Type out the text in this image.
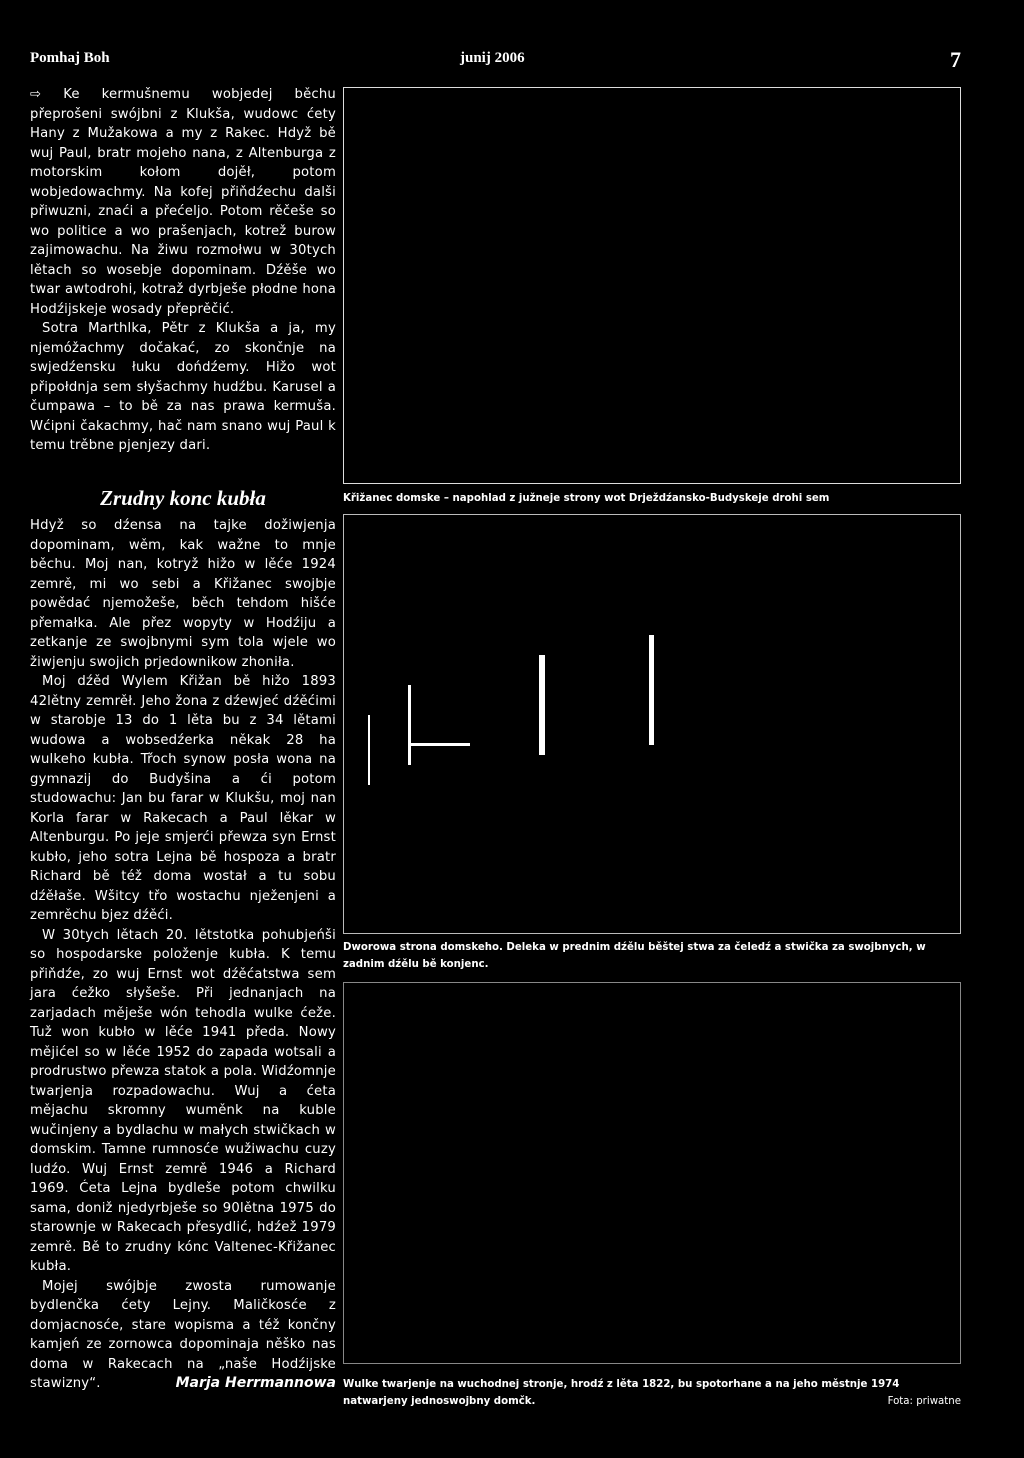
Pomhaj Boh	junij 2006	7

⇨ Ke kermušnemu wobjedej běchu přeprošeni swójbni z Klukša, wudowc ćety Hany z Mužakowa a my z Rakec. Hdyž bě wuj Paul, bratr mojeho nana, z Altenburga z motorskim kołom dojěł, potom wobjedowachmy. Na kofej přiňdźechu dalši přiwuzni, znaći a přećeljo. Potom rěčeše so wo politice a wo prašenjach, kotrež burow zajimowachu. Na žiwu rozmołwu w 30tych lětach so wosebje dopominam. Dźěše wo twar awtodrohi, kotraž dyrbješe płodne hona Hodźijskeje wosady přeprěčić.

Sotra Marthlka, Pětr z Klukša a ja, my njemóžachmy dočakać, zo skončnje na swjedźensku łuku dońdźemy. Hižo wot připołdnja sem słyšachmy hudźbu. Karusel a čumpawa – to bě za nas prawa kermuša. Wćipni čakachmy, hač nam snano wuj Paul k temu trěbne pjenjezy dari.

Zrudny konc kubła

Hdyž so dźensa na tajke dožiwjenja dopominam, wěm, kak wažne to mnje běchu. Moj nan, kotryž hižo w lěće 1924 zemrě, mi wo sebi a Křižanec swojbje powědać njemožeše, běch tehdom hišće přemałka. Ale přez wopyty w Hodźiju a zetkanje ze swojbnymi sym tola wjele wo žiwjenju swojich prjedownikow zhoniła.

Moj dźěd Wylem Křižan bě hižo 1893 42lětny zemrěł. Jeho žona z dźewjeć dźěćimi w starobje 13 do 1 lěta bu z 34 lětami wudowa a wobsedźerka někak 28 ha wulkeho kubła. Třoch synow posła wona na gymnazij do Budyšina a ći potom studowachu: Jan bu farar w Klukšu, moj nan Korla farar w Rakecach a Paul lěkar w Altenburgu. Po jeje smjerći přewza syn Ernst kubło, jeho sotra Lejna bě hospoza a bratr Richard bě též doma wostał a tu sobu dźěłaše. Wšitcy třo wostachu nježenjeni a zemrěchu bjez dźěći.

W 30tych lětach 20. lětstotka pohubjeńši so hospodarske položenje kubła. K temu přiňdźe, zo wuj Ernst wot dźěćatstwa sem jara ćežko słyšeše. Při jednanjach na zarjadach měješe wón tehodla wulke ćeže. Tuž won kubło w lěće 1941 předa. Nowy mějićel so w lěće 1952 do zapada wotsali a prodrustwo přewza statok a pola. Widźomnje twarjenja rozpadowachu. Wuj a ćeta mějachu skromny wuměnk na kuble wučinjeny a bydlachu w małych stwičkach w domskim. Tamne rumnosće wužiwachu cuzy ludźo. Wuj Ernst zemrě 1946 a Richard 1969. Ćeta Lejna bydleše potom chwilku sama, doniž njedyrbješe so 90lětna 1975 do starownje w Rakecach přesydlić, hdźež 1979 zemrě. Bě to zrudny kónc Valtenec-Křižanec kubła.

Mojej swójbje zwosta rumowanje bydlenčka ćety Lejny. Maličkosće z domjacnosće, stare wopisma a též končny kamjeń ze zornowca dopominaja něško nas doma w Rakecach na „naše Hodźijske stawizny“.	Marja Herrmannowa
Křižanec domske – napohlad z južneje strony wot Drježdźansko-Budyskeje drohi sem
Dworowa strona domskeho. Deleka w prednim dźělu běštej stwa za čeledź a stwička za swojbnych, w zadnim dźělu bě konjenc.
Wulke twarjenje na wuchodnej stronje, hrodź z lěta 1822, bu spotorhane a na jeho městnje 1974 natwarjeny jednoswojbny domčk.	Fota: priwatne
